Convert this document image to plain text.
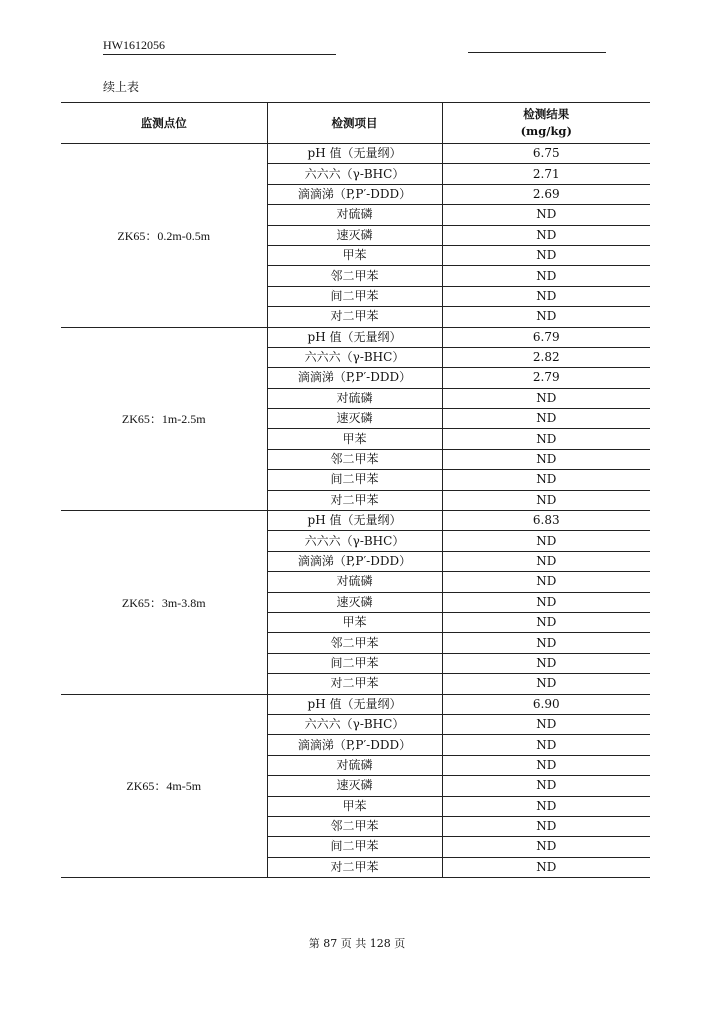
HW1612056
续上表
监测点位	检测项目	检测结果
(mg/kg)
ZK65：0.2m-0.5m	pH 值（无量纲）	6.75
	六六六（γ-BHC）	2.71
	滴滴涕（P,P′-DDD）	2.69
	对硫磷	ND
	速灭磷	ND
	甲苯	ND
	邻二甲苯	ND
	间二甲苯	ND
	对二甲苯	ND
ZK65：1m-2.5m	pH 值（无量纲）	6.79
	六六六（γ-BHC）	2.82
	滴滴涕（P,P′-DDD）	2.79
	对硫磷	ND
	速灭磷	ND
	甲苯	ND
	邻二甲苯	ND
	间二甲苯	ND
	对二甲苯	ND
ZK65：3m-3.8m	pH 值（无量纲）	6.83
	六六六（γ-BHC）	ND
	滴滴涕（P,P′-DDD）	ND
	对硫磷	ND
	速灭磷	ND
	甲苯	ND
	邻二甲苯	ND
	间二甲苯	ND
	对二甲苯	ND
ZK65：4m-5m	pH 值（无量纲）	6.90
	六六六（γ-BHC）	ND
	滴滴涕（P,P′-DDD）	ND
	对硫磷	ND
	速灭磷	ND
	甲苯	ND
	邻二甲苯	ND
	间二甲苯	ND
	对二甲苯	ND
第 87 页 共 128 页
